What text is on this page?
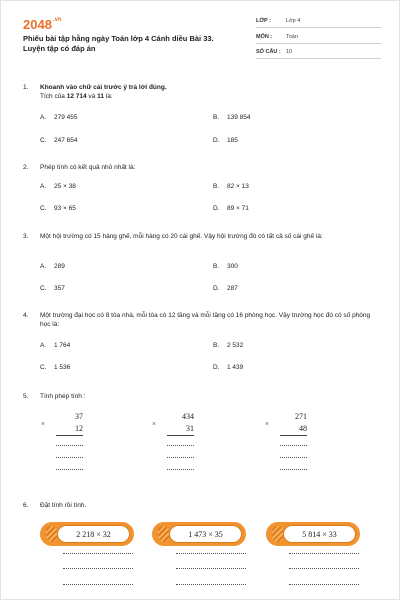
$2048^{.vn}$
Phiếu bài tập hằng ngày Toán lớp 4 Cánh diều Bài 33. Luyện tập có đáp án
LỚP :	Lớp 4
MÔN :	Toán
SỐ CÂU : 10
1. Khoanh vào chữ cái trước ý trả lời đúng.
Tích của 12 714 và 11 là:
A. 279 455	B. 139 854
C. 247 654	D. 185
2. Phép tính có kết quả nhỏ nhất là:
A. 25 × 38	B. 82 × 13
C. 93 × 65	D. 89 × 71
3. Một hội trường có 15 hàng ghế, mỗi hàng có 20 cái ghế. Vậy hội trường đó có tất cả số cái ghế là:
A. 289	B. 300
C. 357	D. 287
4. Một trường đại học có 8 tòa nhà, mỗi tòa có 12 tầng và mỗi tầng có 16 phòng học. Vậy trường học đó có số phòng học là:
A. 1 764	B. 2 532
C. 1 536	D. 1 439
5. Tính phép tính :
37
×	12
434
×	31
271
×	48
6. Đặt tính rồi tính.
2 218 × 32	1 473 × 35	5 814 × 33
